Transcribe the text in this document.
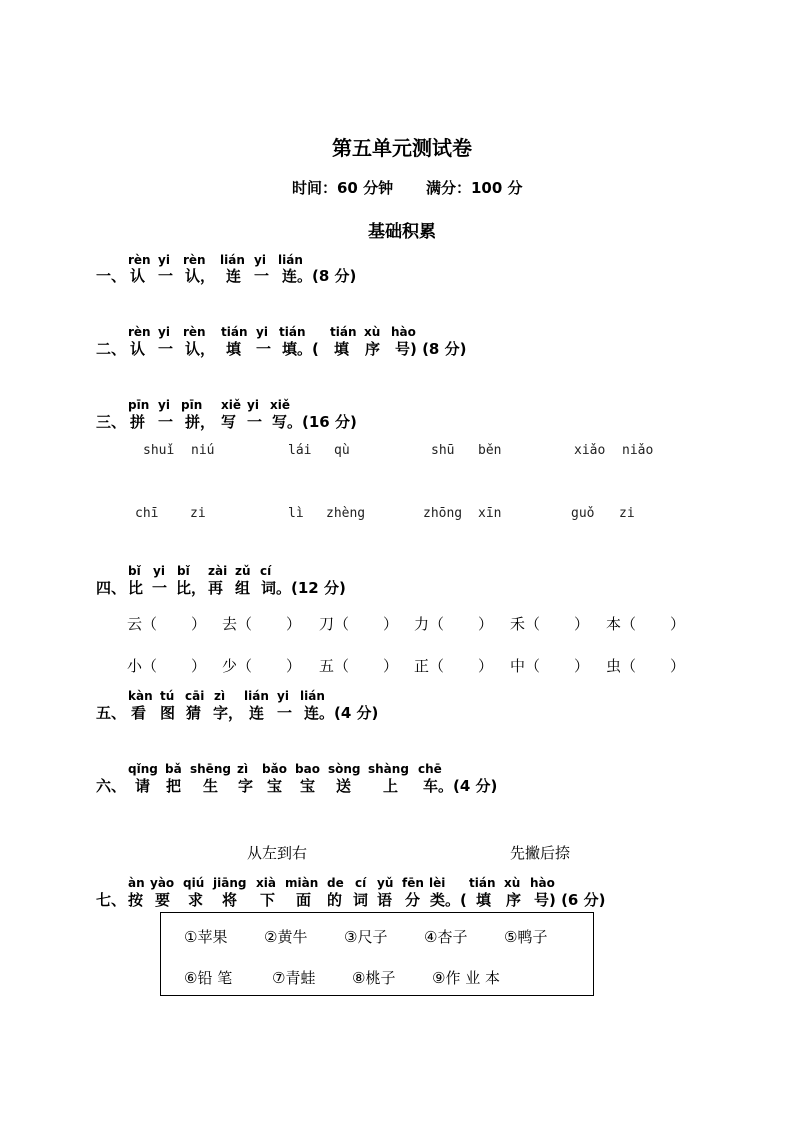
第五单元测试卷
时间：60 分钟 满分：100 分
基础积累
rèn yi rèn lián yi lián
一、 认 一 认， 连 一 连。(8 分)
rèn yi rèn tián yi tián tián xù hào
二、 认 一 认， 填 一 填。( 填 序 号) (8 分)
pīn yi pīn xiě yi xiě
三、 拼 一 拼， 写 一 写。(16 分)
shuǐ niú	lái qù	shū běn	xiǎo niǎo
chī zi	lì zhèng	zhōng xīn	guǒ zi
bǐ yi bǐ zài zǔ cí
四、 比 一 比， 再 组 词。(12 分)
云（ ） 去（ ） 刀（ ） 力（ ） 禾（ ） 本（ ）
小（ ） 少（ ） 五（ ） 正（ ） 中（ ） 虫（ ）
kàn tú cāi zì lián yi lián
五、 看 图 猜 字， 连 一 连。(4 分)
qǐng bǎ shēng zì bǎo bao sòng shàng chē
六、 请 把 生 字 宝 宝 送 上 车。(4 分)
从左到右	先撇后捺
àn yào qiú jiāng xià miàn de cí yǔ fēn lèi tián xù hào
七、 按 要 求 将 下 面 的 词 语 分 类。( 填 序 号) (6 分)
①苹果 ②黄牛 ③尺子 ④杏子 ⑤鸭子
⑥铅 笔	⑦青蛙 ⑧桃子 ⑨作 业 本
